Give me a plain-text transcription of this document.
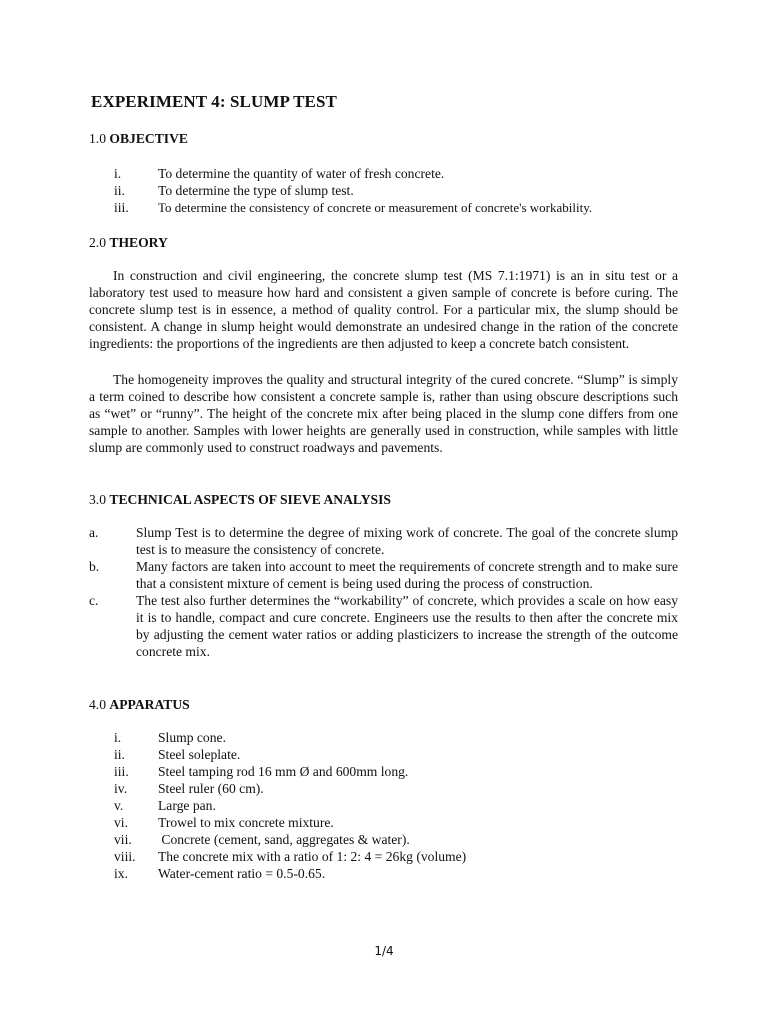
EXPERIMENT 4: SLUMP TEST
1.0 OBJECTIVE
i.	To determine the quantity of water of fresh concrete.
ii. To determine the type of slump test.
iii. To determine the consistency of concrete or measurement of concrete's workability.
2.0 THEORY

In construction and civil engineering, the concrete slump test (MS 7.1:1971) is an in situ test or a laboratory test used to measure how hard and consistent a given sample of concrete is before curing. The concrete slump test is in essence, a method of quality control. For a particular mix, the slump should be consistent. A change in slump height would demonstrate an undesired change in the ration of the concrete ingredients: the proportions of the ingredients are then adjusted to keep a concrete batch consistent.

The homogeneity improves the quality and structural integrity of the cured concrete. “Slump” is simply a term coined to describe how consistent a concrete sample is, rather than using obscure descriptions such as “wet” or “runny”. The height of the concrete mix after being placed in the slump cone differs from one sample to another. Samples with lower heights are generally used in construction, while samples with little slump are commonly used to construct roadways and pavements.

3.0 TECHNICAL ASPECTS OF SIEVE ANALYSIS
a.	Slump Test is to determine the degree of mixing work of concrete. The goal of the concrete slump test is to measure the consistency of concrete.
b.	Many factors are taken into account to meet the requirements of concrete strength and to make sure that a consistent mixture of cement is being used during the process of construction.
c.	The test also further determines the “workability” of concrete, which provides a scale on how easy it is to handle, compact and cure concrete. Engineers use the results to then after the concrete mix by adjusting the cement water ratios or adding plasticizers to increase the strength of the outcome concrete mix.
4.0 APPARATUS
i.	Slump cone.
ii. Steel soleplate.
iii. Steel tamping rod 16 mm Ø and 600mm long.
iv. Steel ruler (60 cm).
v.	Large pan.
vi. Trowel to mix concrete mixture.
vii. Concrete (cement, sand, aggregates & water).
viii. The concrete mix with a ratio of 1: 2: 4 = 26kg (volume)
ix. Water-cement ratio = 0.5-0.65.
1/4
